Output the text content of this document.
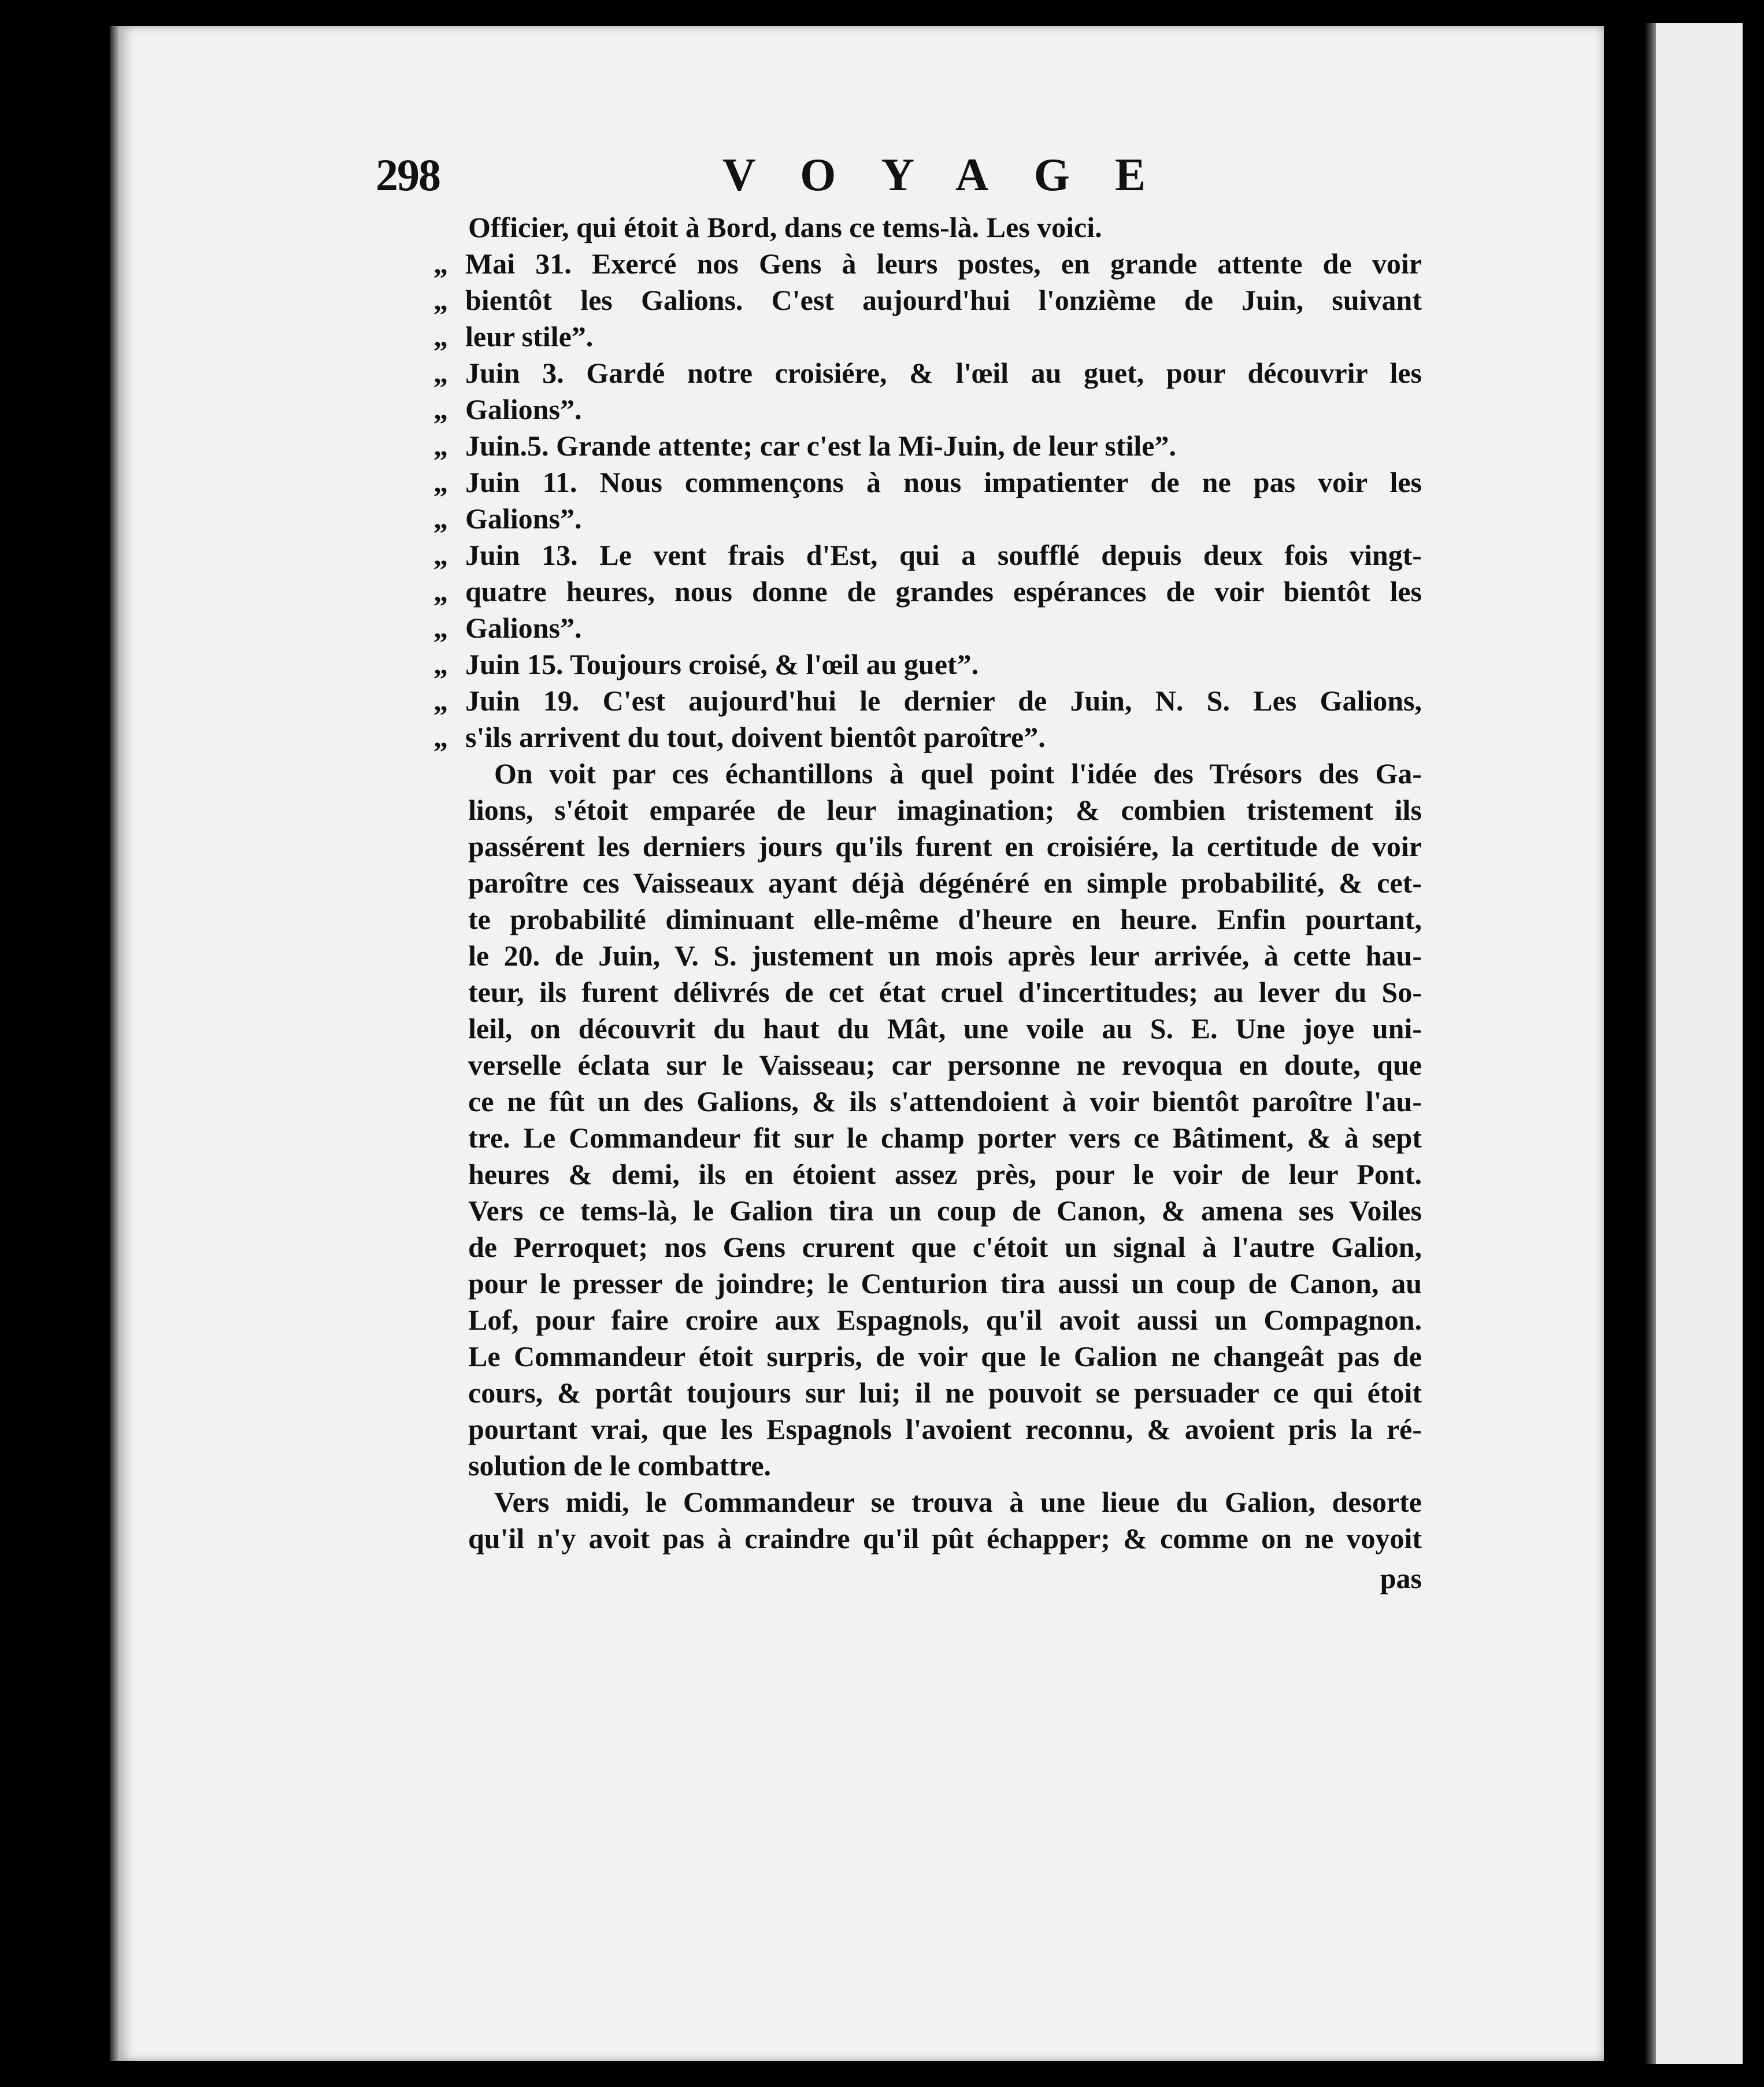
298	VOYAGE
Officier, qui étoit à Bord, dans ce tems-là. Les voici.
„ Mai 31. Exercé nos Gens à leurs postes, en grande attente de voir
„ bientôt les Galions. C'est aujourd'hui l'onzième de Juin, suivant
„ leur stile”.
„ Juin 3. Gardé notre croisiére, & l'œil au guet, pour découvrir les
„ Galions”.
„ Juin.5. Grande attente; car c'est la Mi-Juin, de leur stile”.
„ Juin 11. Nous commençons à nous impatienter de ne pas voir les
„ Galions”.
„ Juin 13. Le vent frais d'Est, qui a soufflé depuis deux fois vingt-
„ quatre heures, nous donne de grandes espérances de voir bientôt les
„ Galions”.
„ Juin 15. Toujours croisé, & l'œil au guet”.
„ Juin 19. C'est aujourd'hui le dernier de Juin, N. S. Les Galions,
„ s'ils arrivent du tout, doivent bientôt paroître”.
On voit par ces échantillons à quel point l'idée des Trésors des Ga-
lions, s'étoit emparée de leur imagination; & combien tristement ils
passérent les derniers jours qu'ils furent en croisiére, la certitude de voir
paroître ces Vaisseaux ayant déjà dégénéré en simple probabilité, & cet-
te probabilité diminuant elle-même d'heure en heure. Enfin pourtant,
le 20. de Juin, V. S. justement un mois après leur arrivée, à cette hau-
teur, ils furent délivrés de cet état cruel d'incertitudes; au lever du So-
leil, on découvrit du haut du Mât, une voile au S. E. Une joye uni-
verselle éclata sur le Vaisseau; car personne ne revoqua en doute, que
ce ne fût un des Galions, & ils s'attendoient à voir bientôt paroître l'au-
tre. Le Commandeur fit sur le champ porter vers ce Bâtiment, & à sept
heures & demi, ils en étoient assez près, pour le voir de leur Pont.
Vers ce tems-là, le Galion tira un coup de Canon, & amena ses Voiles
de Perroquet; nos Gens crurent que c'étoit un signal à l'autre Galion,
pour le presser de joindre; le Centurion tira aussi un coup de Canon, au
Lof, pour faire croire aux Espagnols, qu'il avoit aussi un Compagnon.
Le Commandeur étoit surpris, de voir que le Galion ne changeât pas de
cours, & portât toujours sur lui; il ne pouvoit se persuader ce qui étoit
pourtant vrai, que les Espagnols l'avoient reconnu, & avoient pris la ré-
solution de le combattre.
Vers midi, le Commandeur se trouva à une lieue du Galion, desorte
qu'il n'y avoit pas à craindre qu'il pût échapper; & comme on ne voyoit
pas
